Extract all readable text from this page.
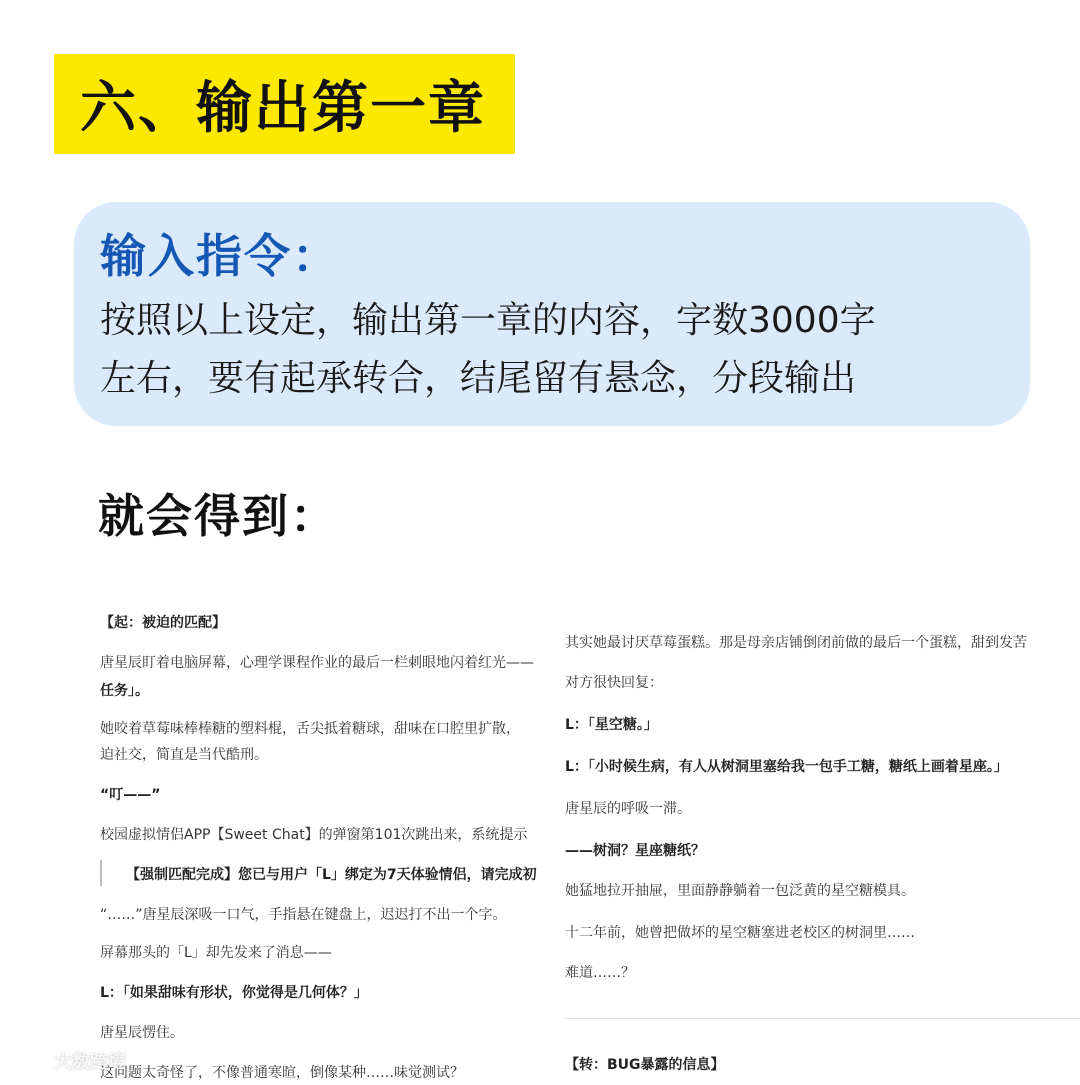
六、输出第一章
输入指令：
按照以上设定，输出第一章的内容，字数3000字
左右，要有起承转合，结尾留有悬念，分段输出
就会得到：
【起：被迫的匹配】
唐星辰盯着电脑屏幕，心理学课程作业的最后一栏刺眼地闪着红光——
任务」。
她咬着草莓味棒棒糖的塑料棍，舌尖抵着糖球，甜味在口腔里扩散，
迫社交，简直是当代酷刑。
“叮——”
校园虚拟情侣APP【Sweet Chat】的弹窗第101次跳出来，系统提示
【强制匹配完成】您已与用户「L」绑定为7天体验情侣，请完成初
“……”唐星辰深吸一口气，手指悬在键盘上，迟迟打不出一个字。
屏幕那头的「L」却先发来了消息——
L：「如果甜味有形状，你觉得是几何体？」
唐星辰愣住。
这问题太奇怪了，不像普通寒暄，倒像某种……味觉测试？
其实她最讨厌草莓蛋糕。那是母亲店铺倒闭前做的最后一个蛋糕，甜到发苦
对方很快回复：
L：「星空糖。」
L：「小时候生病，有人从树洞里塞给我一包手工糖，糖纸上画着星座。」
唐星辰的呼吸一滞。
——树洞？星座糖纸？
她猛地拉开抽屉，里面静静躺着一包泛黄的星空糖模具。
十二年前，她曾把做坏的星空糖塞进老校区的树洞里……
难道……？
【转：BUG暴露的信息】
大数跨境
